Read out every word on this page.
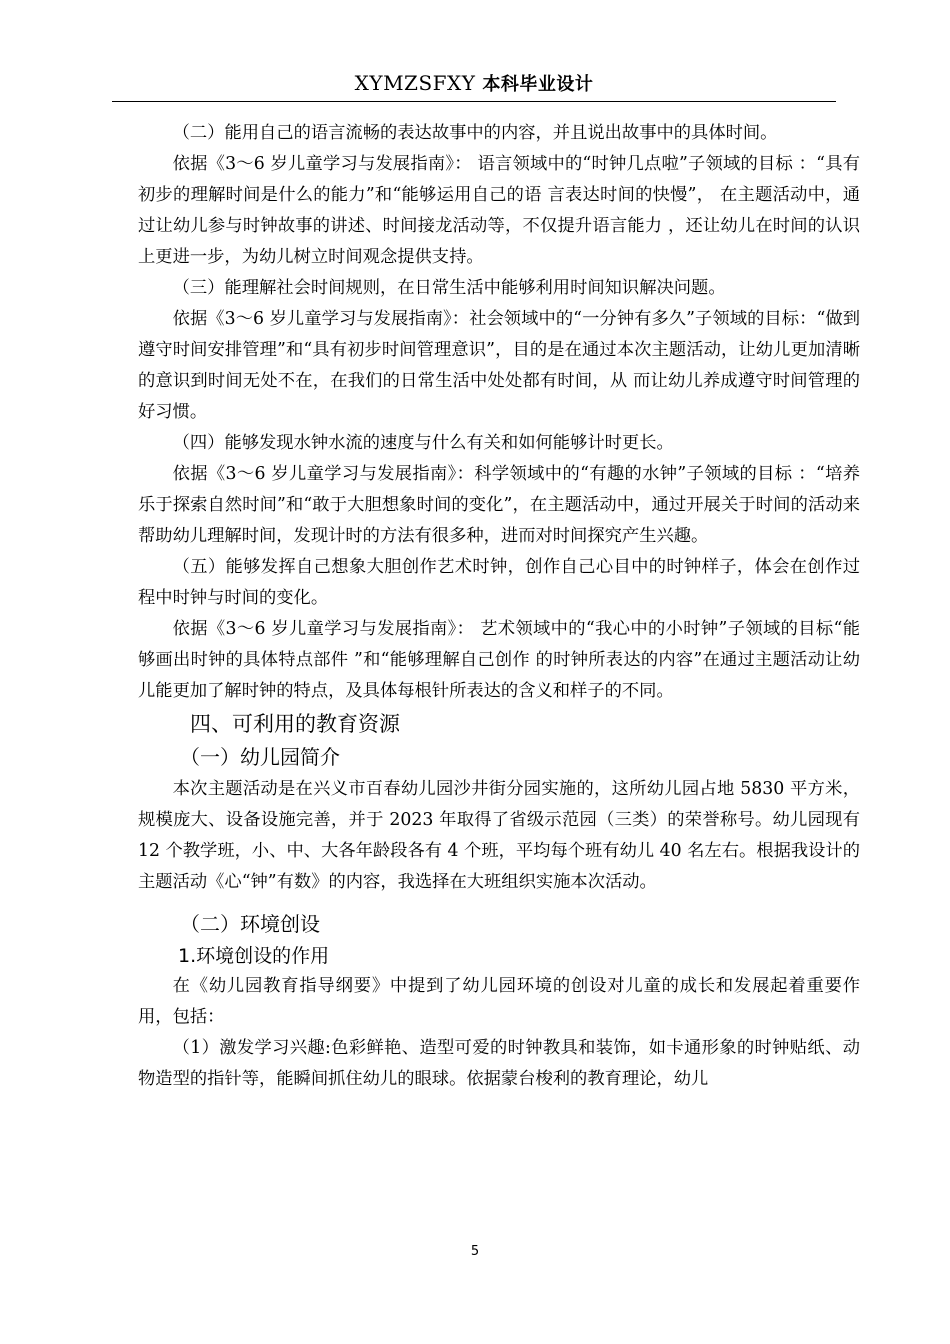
XYMZSFXY 本科毕业设计

（二）能用自己的语言流畅的表达故事中的内容，并且说出故事中的具体时间。

依据《3～6 岁儿童学习与发展指南》： 语言领域中的“时钟几点啦”子领域的目标 ：“具有初步的理解时间是什么的能力”和“能够运用自己的语 言表达时间的快慢”， 在主题活动中，通过让幼儿参与时钟故事的讲述、时间接龙活动等，不仅提升语言能力 ，还让幼儿在时间的认识上更进一步，为幼儿树立时间观念提供支持。

（三）能理解社会时间规则，在日常生活中能够利用时间知识解决问题。

依据《3～6 岁儿童学习与发展指南》：社会领域中的“一分钟有多久”子领域的目标：“做到遵守时间安排管理”和“具有初步时间管理意识”，目的是在通过本次主题活动，让幼儿更加清晰的意识到时间无处不在，在我们的日常生活中处处都有时间，从 而让幼儿养成遵守时间管理的好习惯。

（四）能够发现水钟水流的速度与什么有关和如何能够计时更长。

依据《3～6 岁儿童学习与发展指南》：科学领域中的“有趣的水钟”子领域的目标 ：“培养乐于探索自然时间”和“敢于大胆想象时间的变化”，在主题活动中，通过开展关于时间的活动来帮助幼儿理解时间，发现计时的方法有很多种，进而对时间探究产生兴趣。

（五）能够发挥自己想象大胆创作艺术时钟，创作自己心目中的时钟样子，体会在创作过程中时钟与时间的变化。

依据《3～6 岁儿童学习与发展指南》： 艺术领域中的“我心中的小时钟”子领域的目标“能够画出时钟的具体特点部件 ”和“能够理解自己创作 的时钟所表达的内容”在通过主题活动让幼儿能更加了解时钟的特点，及具体每根针所表达的含义和样子的不同。

四、可利用的教育资源
（一）幼儿园简介

本次主题活动是在兴义市百春幼儿园沙井街分园实施的，这所幼儿园占地 5830 平方米，规模庞大、设备设施完善，并于 2023 年取得了省级示范园（三类）的荣誉称号。幼儿园现有 12 个教学班，小、中、大各年龄段各有 4 个班，平均每个班有幼儿 40 名左右。根据我设计的主题活动《心“钟”有数》的内容，我选择在大班组织实施本次活动。

（二）环境创设
1.环境创设的作用

在《幼儿园教育指导纲要》中提到了幼儿园环境的创设对儿童的成长和发展起着重要作用，包括：

（1）激发学习兴趣:色彩鲜艳、造型可爱的时钟教具和装饰，如卡通形象的时钟贴纸、动物造型的指针等，能瞬间抓住幼儿的眼球。依据蒙台梭利的教育理论，幼儿

5
